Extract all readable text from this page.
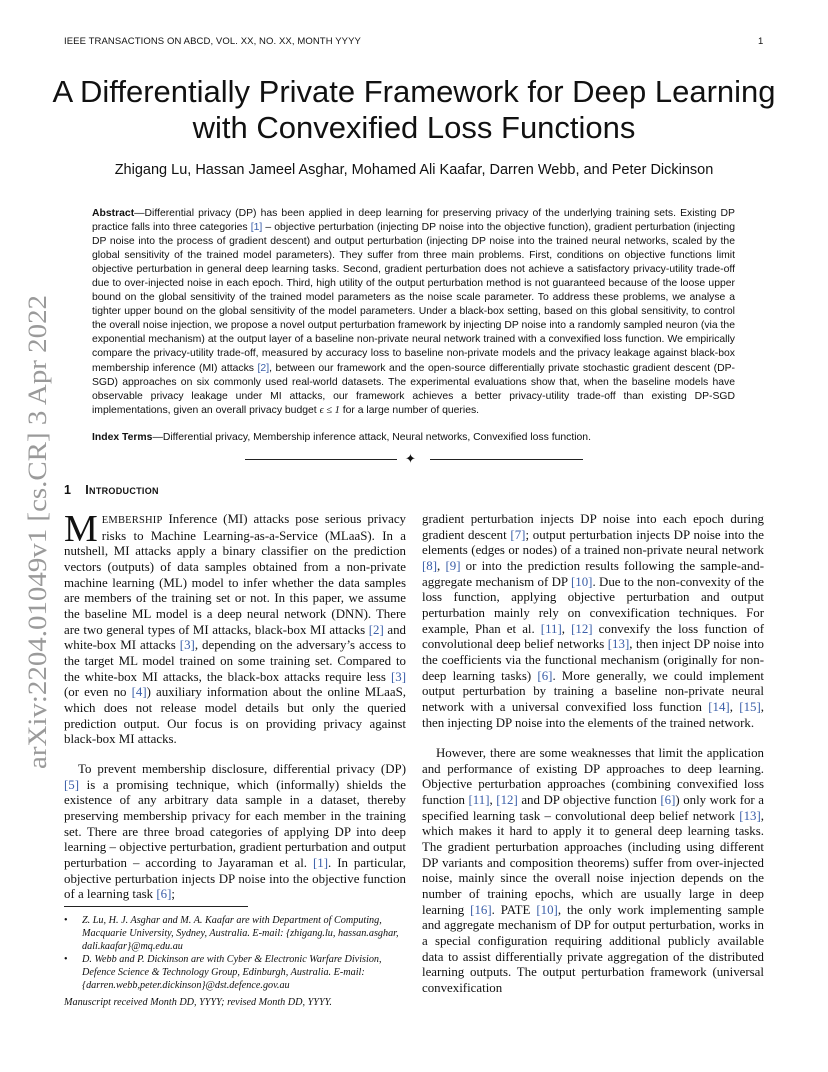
IEEE TRANSACTIONS ON ABCD, VOL. XX, NO. XX, MONTH YYYY	1
A Differentially Private Framework for Deep Learning with Convexified Loss Functions
Zhigang Lu, Hassan Jameel Asghar, Mohamed Ali Kaafar, Darren Webb, and Peter Dickinson
arXiv:2204.01049v1 [cs.CR] 3 Apr 2022
Abstract—Differential privacy (DP) has been applied in deep learning for preserving privacy of the underlying training sets. Existing DP practice falls into three categories [1] – objective perturbation (injecting DP noise into the objective function), gradient perturbation (injecting DP noise into the process of gradient descent) and output perturbation (injecting DP noise into the trained neural networks, scaled by the global sensitivity of the trained model parameters). They suffer from three main problems. First, conditions on objective functions limit objective perturbation in general deep learning tasks. Second, gradient perturbation does not achieve a satisfactory privacy-utility trade-off due to over-injected noise in each epoch. Third, high utility of the output perturbation method is not guaranteed because of the loose upper bound on the global sensitivity of the trained model parameters as the noise scale parameter. To address these problems, we analyse a tighter upper bound on the global sensitivity of the model parameters. Under a black-box setting, based on this global sensitivity, to control the overall noise injection, we propose a novel output perturbation framework by injecting DP noise into a randomly sampled neuron (via the exponential mechanism) at the output layer of a baseline non-private neural network trained with a convexified loss function. We empirically compare the privacy-utility trade-off, measured by accuracy loss to baseline non-private models and the privacy leakage against black-box membership inference (MI) attacks [2], between our framework and the open-source differentially private stochastic gradient descent (DP-SGD) approaches on six commonly used real-world datasets. The experimental evaluations show that, when the baseline models have observable privacy leakage under MI attacks, our framework achieves a better privacy-utility trade-off than existing DP-SGD implementations, given an overall privacy budget ϵ ≤ 1 for a large number of queries.
Index Terms—Differential privacy, Membership inference attack, Neural networks, Convexified loss function.
✦
1 Introduction
MEMBERSHIP Inference (MI) attacks pose serious privacy risks to Machine Learning-as-a-Service (MLaaS). In a nutshell, MI attacks apply a binary classifier on the prediction vectors (outputs) of data samples obtained from a non-private machine learning (ML) model to infer whether the data samples are members of the training set or not. In this paper, we assume the baseline ML model is a deep neural network (DNN). There are two general types of MI attacks, black-box MI attacks [2] and white-box MI attacks [3], depending on the adversary’s access to the target ML model trained on some training set. Compared to the white-box MI attacks, the black-box attacks require less [3] (or even no [4]) auxiliary information about the online MLaaS, which does not release model details but only the queried prediction output. Our focus is on providing privacy against black-box MI attacks.
To prevent membership disclosure, differential privacy (DP) [5] is a promising technique, which (informally) shields the existence of any arbitrary data sample in a dataset, thereby preserving membership privacy for each member in the training set. There are three broad categories of applying DP into deep learning – objective perturbation, gradient perturbation and output perturbation – according to Jayaraman et al. [1]. In particular, objective perturbation injects DP noise into the objective function of a learning task [6];
gradient perturbation injects DP noise into each epoch during gradient descent [7]; output perturbation injects DP noise into the elements (edges or nodes) of a trained non-private neural network [8], [9] or into the prediction results following the sample-and-aggregate mechanism of DP [10]. Due to the non-convexity of the loss function, applying objective perturbation and output perturbation mainly rely on convexification techniques. For example, Phan et al. [11], [12] convexify the loss function of convolutional deep belief networks [13], then inject DP noise into the coefficients via the functional mechanism (originally for non-deep learning tasks) [6]. More generally, we could implement output perturbation by training a baseline non-private neural network with a universal convexified loss function [14], [15], then injecting DP noise into the elements of the trained network.
However, there are some weaknesses that limit the application and performance of existing DP approaches to deep learning. Objective perturbation approaches (combining convexified loss function [11], [12] and DP objective function [6]) only work for a specified learning task – convolutional deep belief network [13], which makes it hard to apply it to general deep learning tasks. The gradient perturbation approaches (including using different DP variants and composition theorems) suffer from over-injected noise, mainly since the overall noise injection depends on the number of training epochs, which are usually large in deep learning [16]. PATE [10], the only work implementing sample and aggregate mechanism of DP for output perturbation, works in a special configuration requiring additional publicly available data to assist differentially private aggregation of the distributed learning outputs. The output perturbation framework (universal convexification
• Z. Lu, H. J. Asghar and M. A. Kaafar are with Department of Computing, Macquarie University, Sydney, Australia. E-mail: {zhigang.lu, hassan.asghar, dali.kaafar}@mq.edu.au
• D. Webb and P. Dickinson are with Cyber & Electronic Warfare Division, Defence Science & Technology Group, Edinburgh, Australia. E-mail: {darren.webb,peter.dickinson}@dst.defence.gov.au
Manuscript received Month DD, YYYY; revised Month DD, YYYY.
